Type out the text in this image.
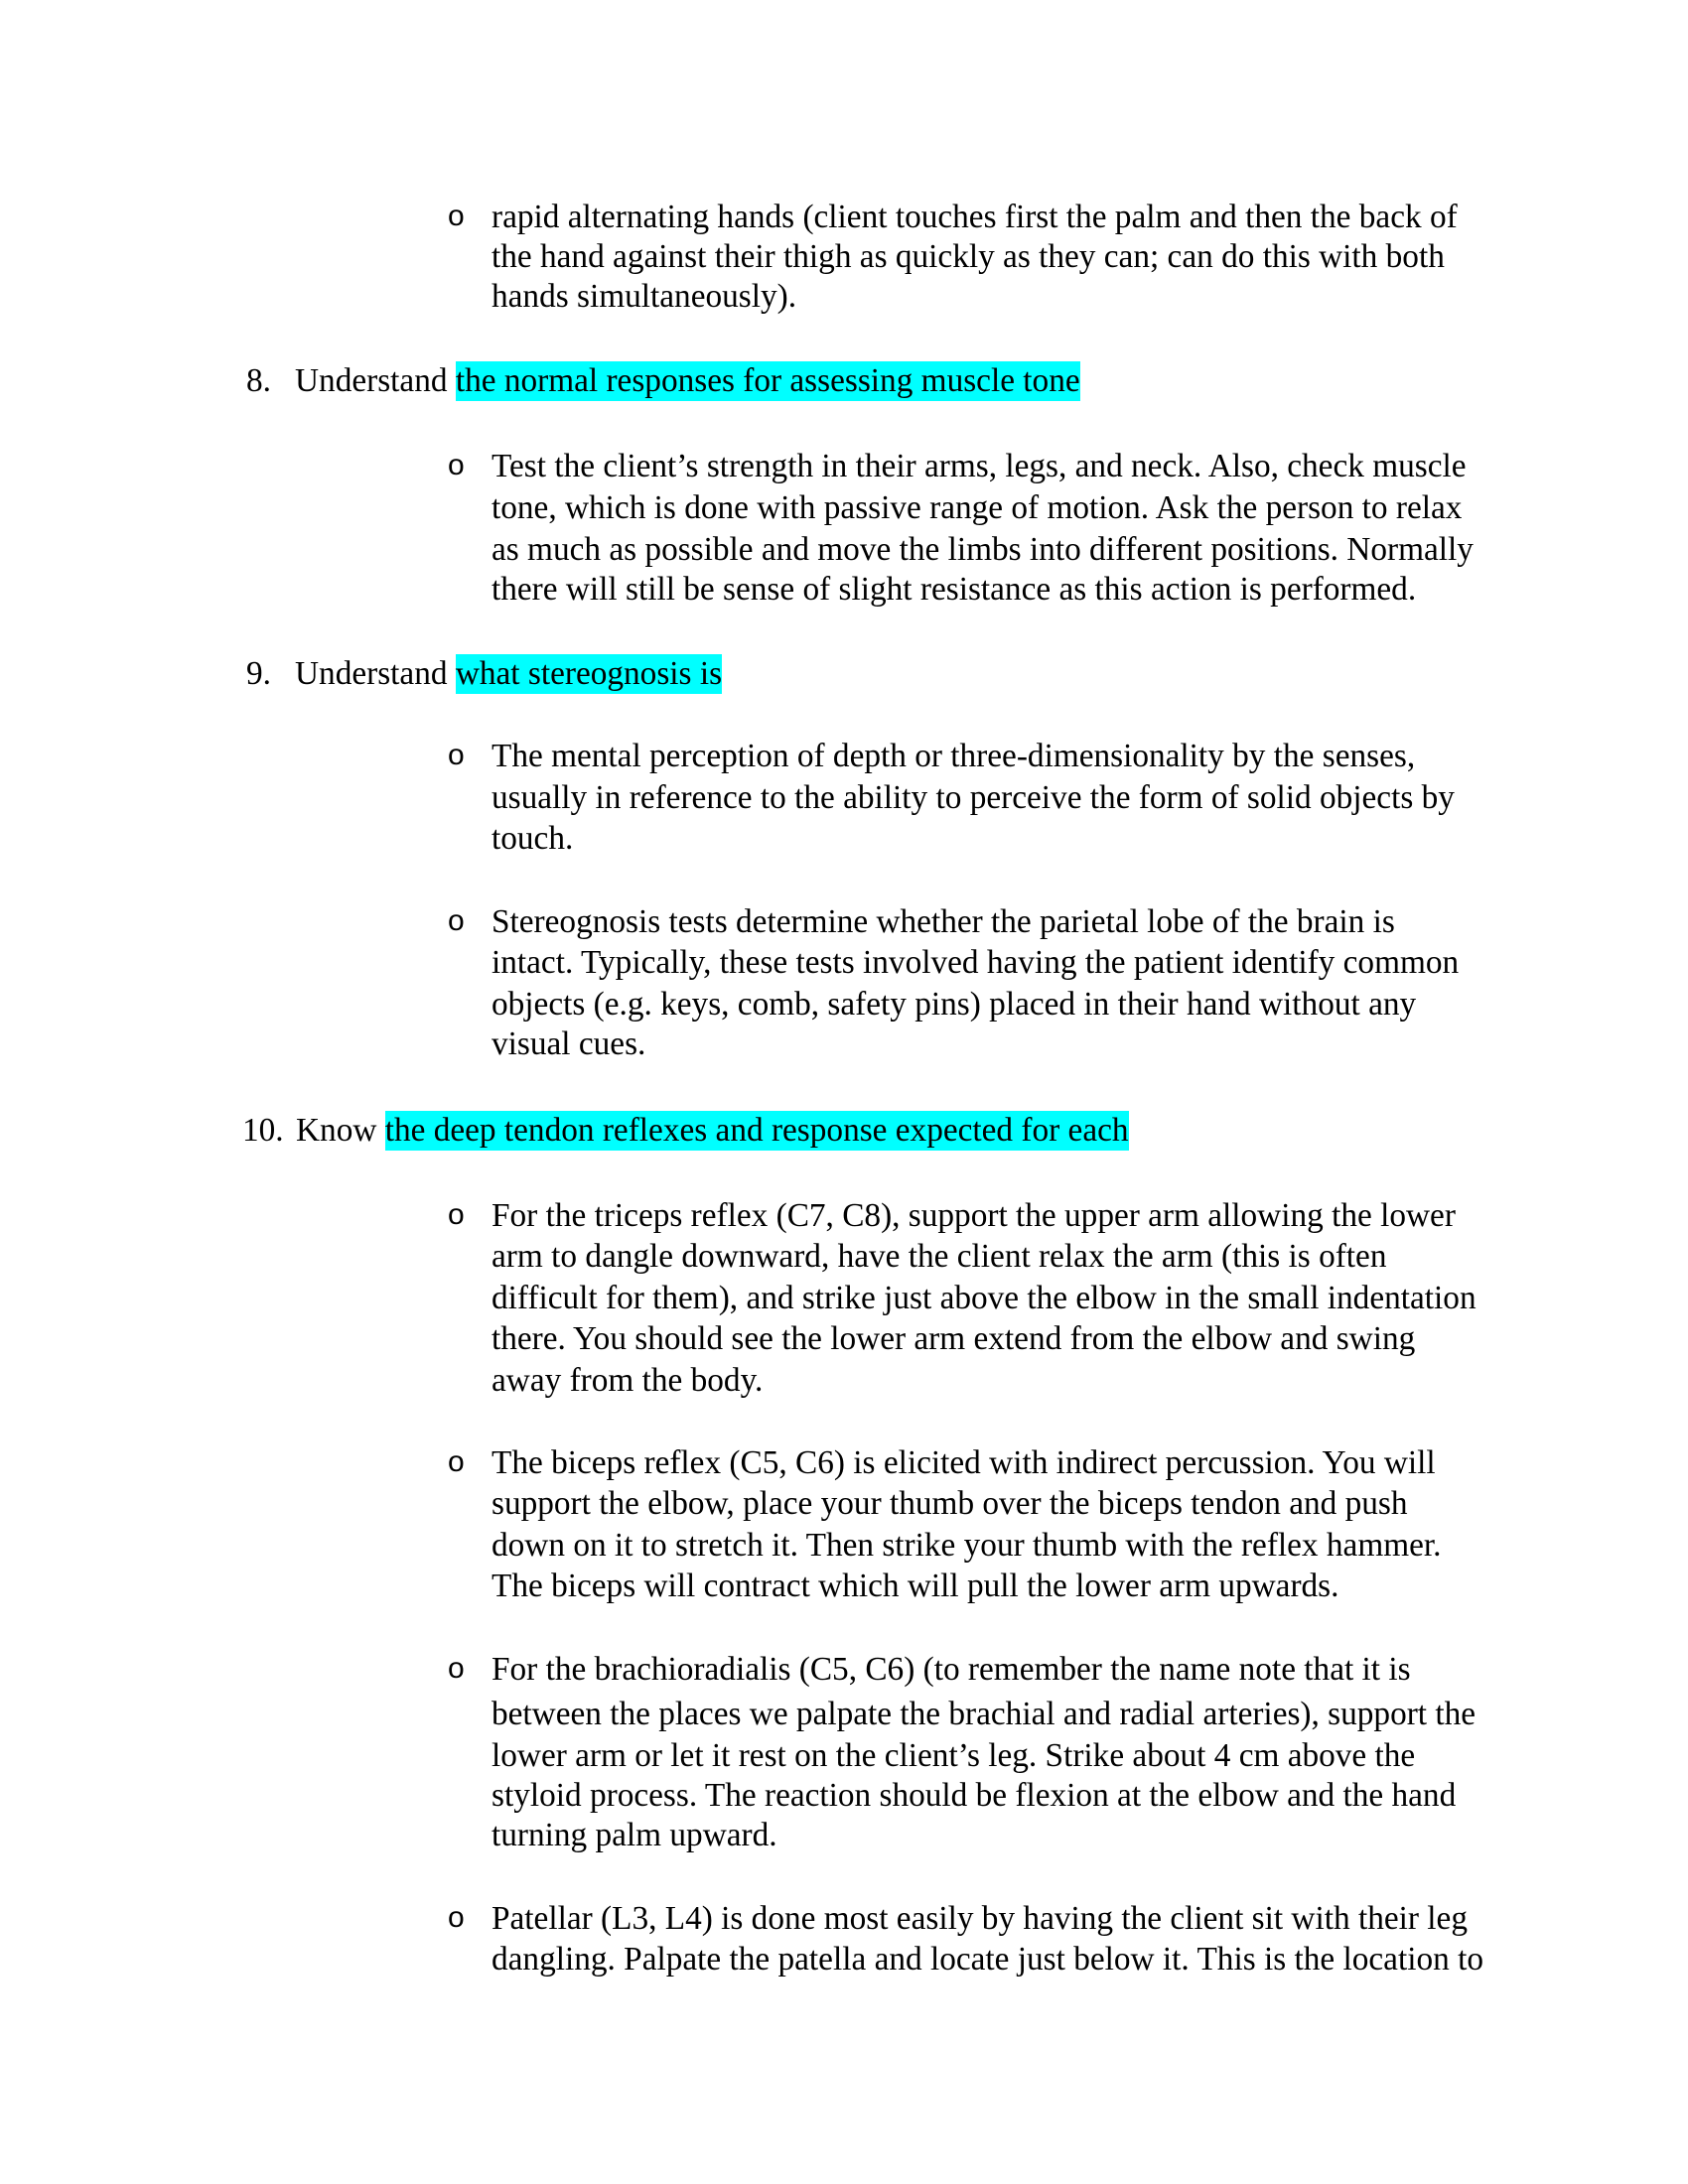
o rapid alternating hands (client touches first the palm and then the back of
the hand against their thigh as quickly as they can; can do this with both
hands simultaneously).
8. Understand the normal responses for assessing muscle tone
o Test the client’s strength in their arms, legs, and neck. Also, check muscle
tone, which is done with passive range of motion. Ask the person to relax
as much as possible and move the limbs into different positions. Normally
there will still be sense of slight resistance as this action is performed.
9. Understand what stereognosis is
o The mental perception of depth or three-dimensionality by the senses,
usually in reference to the ability to perceive the form of solid objects by
touch.
o Stereognosis tests determine whether the parietal lobe of the brain is
intact. Typically, these tests involved having the patient identify common
objects (e.g. keys, comb, safety pins) placed in their hand without any
visual cues.
10. Know the deep tendon reflexes and response expected for each
o For the triceps reflex (C7, C8), support the upper arm allowing the lower
arm to dangle downward, have the client relax the arm (this is often
difficult for them), and strike just above the elbow in the small indentation
there. You should see the lower arm extend from the elbow and swing
away from the body.
o The biceps reflex (C5, C6) is elicited with indirect percussion. You will
support the elbow, place your thumb over the biceps tendon and push
down on it to stretch it. Then strike your thumb with the reflex hammer.
The biceps will contract which will pull the lower arm upwards.
o For the brachioradialis (C5, C6) (to remember the name note that it is
between the places we palpate the brachial and radial arteries), support the
lower arm or let it rest on the client’s leg. Strike about 4 cm above the
styloid process. The reaction should be flexion at the elbow and the hand
turning palm upward.
o Patellar (L3, L4) is done most easily by having the client sit with their leg
dangling. Palpate the patella and locate just below it. This is the location to
